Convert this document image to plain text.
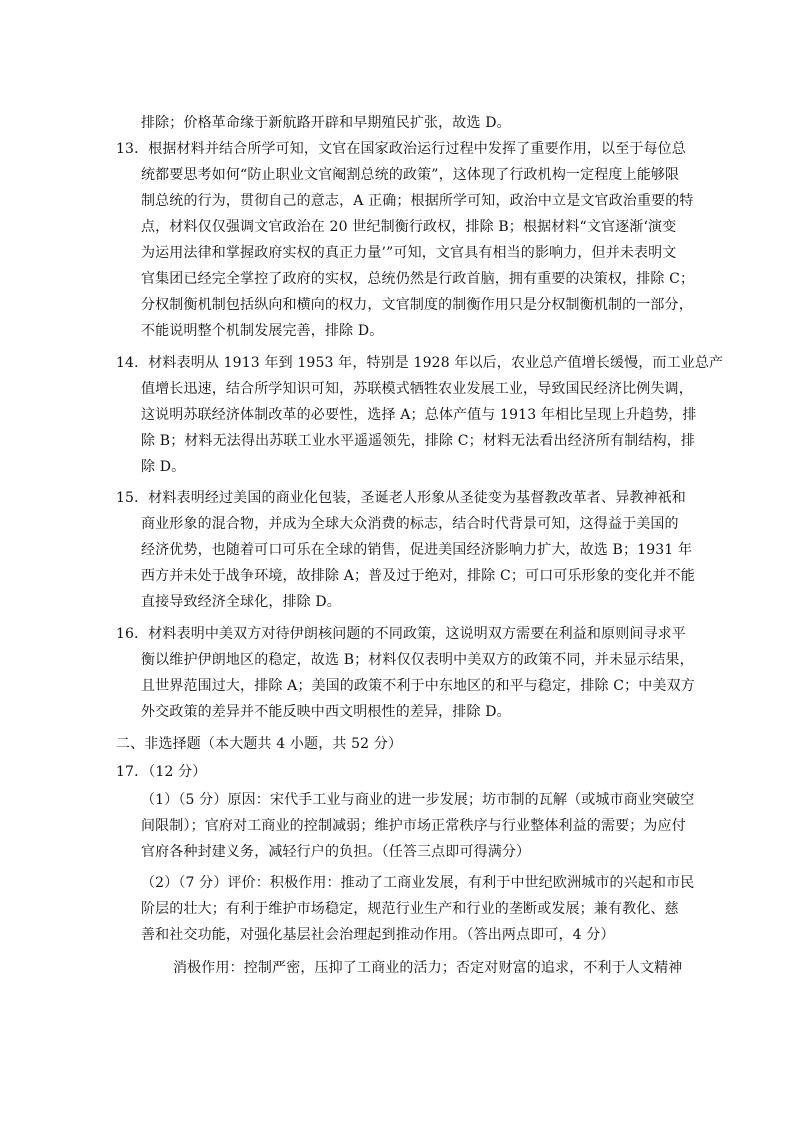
排除；价格革命缘于新航路开辟和早期殖民扩张，故选 D。
13．根据材料并结合所学可知，文官在国家政治运行过程中发挥了重要作用，以至于每位总
统都要思考如何“防止职业文官阉割总统的政策”，这体现了行政机构一定程度上能够限
制总统的行为，贯彻自己的意志，A 正确；根据所学可知，政治中立是文官政治重要的特
点，材料仅仅强调文官政治在 20 世纪制衡行政权，排除 B；根据材料“文官逐渐‘演变
为运用法律和掌握政府实权的真正力量’”可知，文官具有相当的影响力，但并未表明文
官集团已经完全掌控了政府的实权，总统仍然是行政首脑，拥有重要的决策权，排除 C；
分权制衡机制包括纵向和横向的权力，文官制度的制衡作用只是分权制衡机制的一部分，
不能说明整个机制发展完善，排除 D。
14．材料表明从 1913 年到 1953 年，特别是 1928 年以后，农业总产值增长缓慢，而工业总产
值增长迅速，结合所学知识可知，苏联模式牺牲农业发展工业，导致国民经济比例失调，
这说明苏联经济体制改革的必要性，选择 A；总体产值与 1913 年相比呈现上升趋势，排
除 B；材料无法得出苏联工业水平遥遥领先，排除 C；材料无法看出经济所有制结构，排
除 D。
15．材料表明经过美国的商业化包装，圣诞老人形象从圣徒变为基督教改革者、异教神祇和
商业形象的混合物，并成为全球大众消费的标志，结合时代背景可知，这得益于美国的
经济优势，也随着可口可乐在全球的销售，促进美国经济影响力扩大，故选 B；1931 年
西方并未处于战争环境，故排除 A；普及过于绝对，排除 C；可口可乐形象的变化并不能
直接导致经济全球化，排除 D。
16．材料表明中美双方对待伊朗核问题的不同政策，这说明双方需要在利益和原则间寻求平
衡以维护伊朗地区的稳定，故选 B；材料仅仅表明中美双方的政策不同，并未显示结果，
且世界范围过大，排除 A；美国的政策不利于中东地区的和平与稳定，排除 C；中美双方
外交政策的差异并不能反映中西文明根性的差异，排除 D。
二、非选择题（本大题共 4 小题，共 52 分）
17．（12 分）
（1）（5 分）原因：宋代手工业与商业的进一步发展；坊市制的瓦解（或城市商业突破空
间限制）；官府对工商业的控制减弱；维护市场正常秩序与行业整体利益的需要；为应付
官府各种封建义务，减轻行户的负担。（任答三点即可得满分）
（2）（7 分）评价：积极作用：推动了工商业发展，有利于中世纪欧洲城市的兴起和市民
阶层的壮大；有利于维护市场稳定，规范行业生产和行业的垄断或发展；兼有教化、慈
善和社交功能，对强化基层社会治理起到推动作用。（答出两点即可，4 分）
消极作用：控制严密，压抑了工商业的活力；否定对财富的追求，不利于人文精神
